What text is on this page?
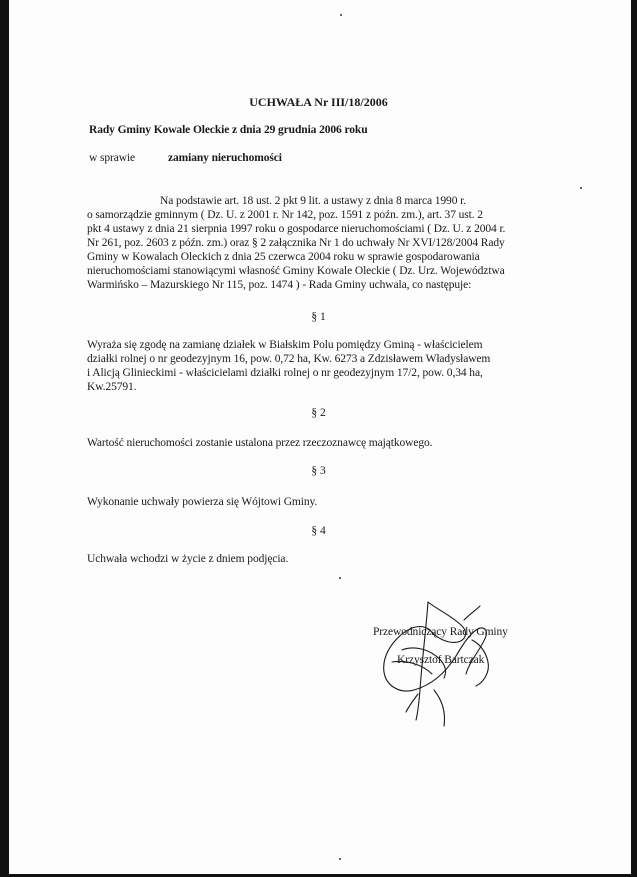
UCHWAŁA Nr III/18/2006
Rady Gminy Kowale Oleckie z dnia 29 grudnia 2006 roku
w sprawie	zamiany nieruchomości
Na podstawie art. 18 ust. 2 pkt 9 lit. a ustawy z dnia 8 marca 1990 r.
o samorządzie gminnym ( Dz. U. z 2001 r. Nr 142, poz. 1591 z poźn. zm.), art. 37 ust. 2
pkt 4 ustawy z dnia 21 sierpnia 1997 roku o gospodarce nieruchomościami ( Dz. U. z 2004 r.
Nr 261, poz. 2603 z późn. zm.) oraz § 2 załącznika Nr 1 do uchwały Nr XVI/128/2004 Rady
Gminy w Kowalach Oleckich z dnia 25 czerwca 2004 roku w sprawie gospodarowania
nieruchomościami stanowiącymi własność Gminy Kowale Oleckie ( Dz. Urz. Województwa
Warmińsko – Mazurskiego Nr 115, poz. 1474 ) - Rada Gminy uchwala, co następuje:
§ 1
Wyraża się zgodę na zamianę działek w Białskim Polu pomiędzy Gminą - właścicielem
działki rolnej o nr geodezyjnym 16, pow. 0,72 ha, Kw. 6273 a Zdzisławem Władysławem
i Alicją Glinieckimi - właścicielami działki rolnej o nr geodezyjnym 17/2, pow. 0,34 ha,
Kw.25791.
§ 2
Wartość nieruchomości zostanie ustalona przez rzeczoznawcę majątkowego.
§ 3
Wykonanie uchwały powierza się Wójtowi Gminy.
§ 4
Uchwała wchodzi w życie z dniem podjęcia.
Przewodniczący Rady Gminy
Krzysztof Bartczak
